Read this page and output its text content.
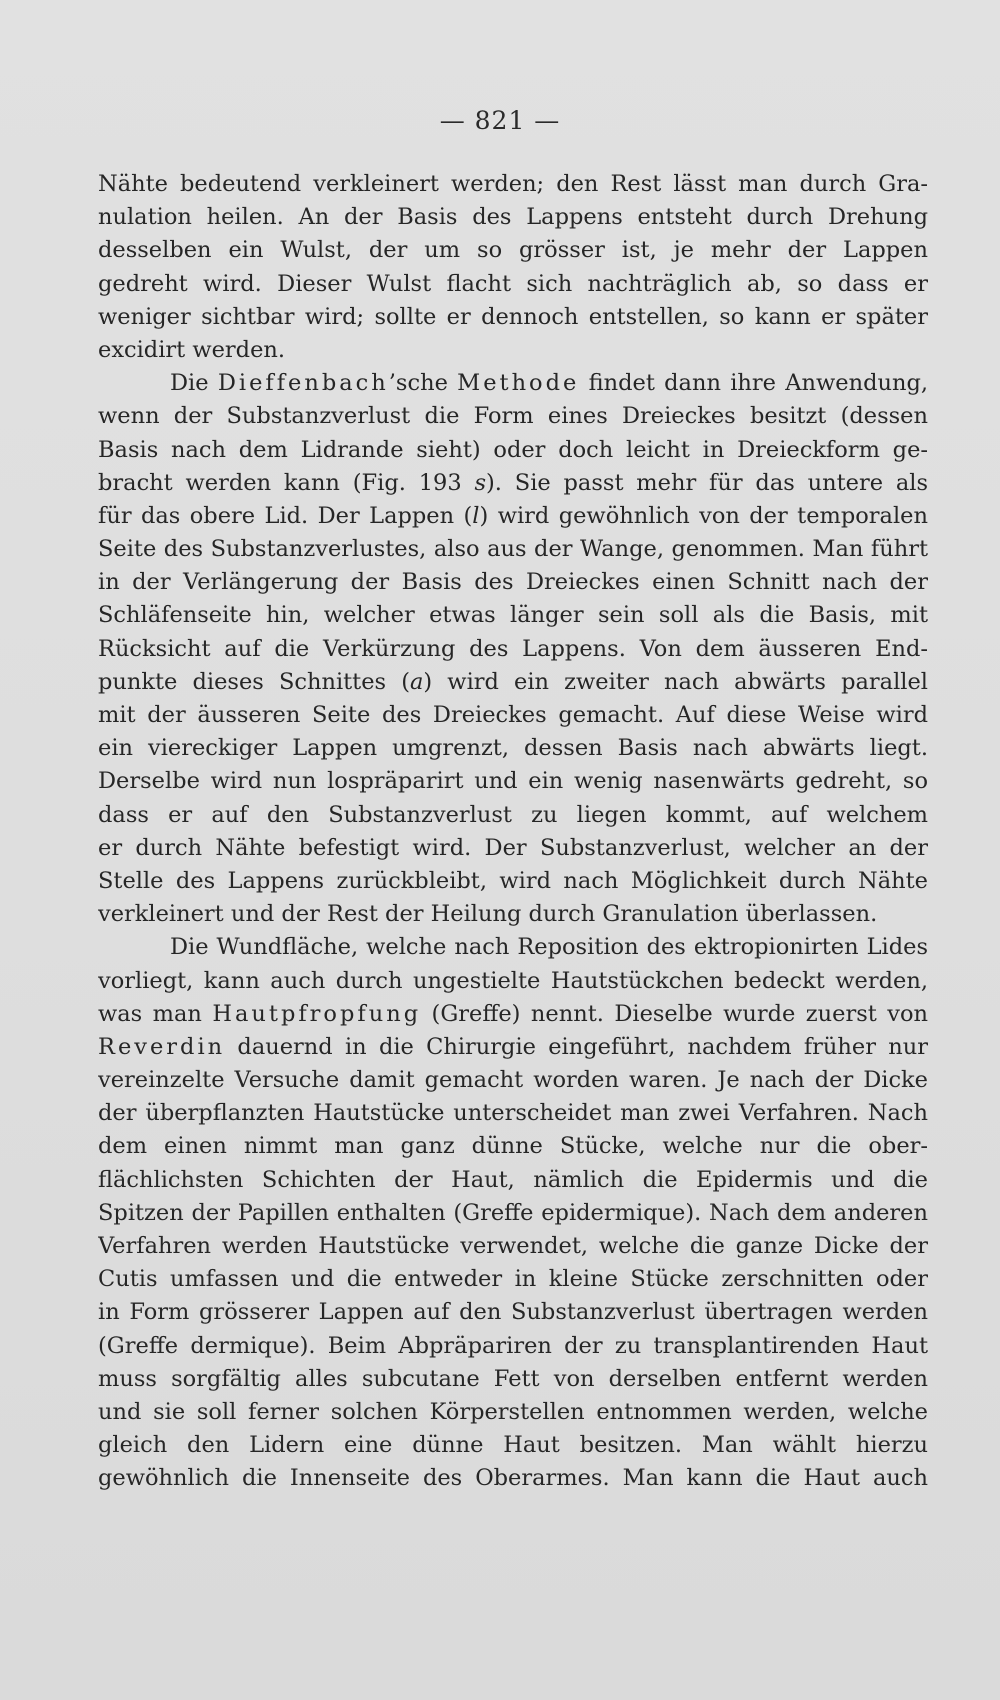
— 821 —
Nähte bedeutend verkleinert werden; den Rest lässt man durch Gra-
nulation heilen. An der Basis des Lappens entsteht durch Drehung
desselben ein Wulst, der um so grösser ist, je mehr der Lappen
gedreht wird. Dieser Wulst flacht sich nachträglich ab, so dass er
weniger sichtbar wird; sollte er dennoch entstellen, so kann er später
excidirt werden.
Die Dieffenbach’sche Methode findet dann ihre Anwendung,
wenn der Substanzverlust die Form eines Dreieckes besitzt (dessen
Basis nach dem Lidrande sieht) oder doch leicht in Dreieckform ge-
bracht werden kann (Fig. 193 s). Sie passt mehr für das untere als
für das obere Lid. Der Lappen (l) wird gewöhnlich von der temporalen
Seite des Substanzverlustes, also aus der Wange, genommen. Man führt
in der Verlängerung der Basis des Dreieckes einen Schnitt nach der
Schläfenseite hin, welcher etwas länger sein soll als die Basis, mit
Rücksicht auf die Verkürzung des Lappens. Von dem äusseren End-
punkte dieses Schnittes (a) wird ein zweiter nach abwärts parallel
mit der äusseren Seite des Dreieckes gemacht. Auf diese Weise wird
ein viereckiger Lappen umgrenzt, dessen Basis nach abwärts liegt.
Derselbe wird nun lospräparirt und ein wenig nasenwärts gedreht, so
dass er auf den Substanzverlust zu liegen kommt, auf welchem
er durch Nähte befestigt wird. Der Substanzverlust, welcher an der
Stelle des Lappens zurückbleibt, wird nach Möglichkeit durch Nähte
verkleinert und der Rest der Heilung durch Granulation überlassen.
Die Wundfläche, welche nach Reposition des ektropionirten Lides
vorliegt, kann auch durch ungestielte Hautstückchen bedeckt werden,
was man Hautpfropfung (Greffe) nennt. Dieselbe wurde zuerst von
Reverdin dauernd in die Chirurgie eingeführt, nachdem früher nur
vereinzelte Versuche damit gemacht worden waren. Je nach der Dicke
der überpflanzten Hautstücke unterscheidet man zwei Verfahren. Nach
dem einen nimmt man ganz dünne Stücke, welche nur die ober-
flächlichsten Schichten der Haut, nämlich die Epidermis und die
Spitzen der Papillen enthalten (Greffe epidermique). Nach dem anderen
Verfahren werden Hautstücke verwendet, welche die ganze Dicke der
Cutis umfassen und die entweder in kleine Stücke zerschnitten oder
in Form grösserer Lappen auf den Substanzverlust übertragen werden
(Greffe dermique). Beim Abpräpariren der zu transplantirenden Haut
muss sorgfältig alles subcutane Fett von derselben entfernt werden
und sie soll ferner solchen Körperstellen entnommen werden, welche
gleich den Lidern eine dünne Haut besitzen. Man wählt hierzu
gewöhnlich die Innenseite des Oberarmes. Man kann die Haut auch
